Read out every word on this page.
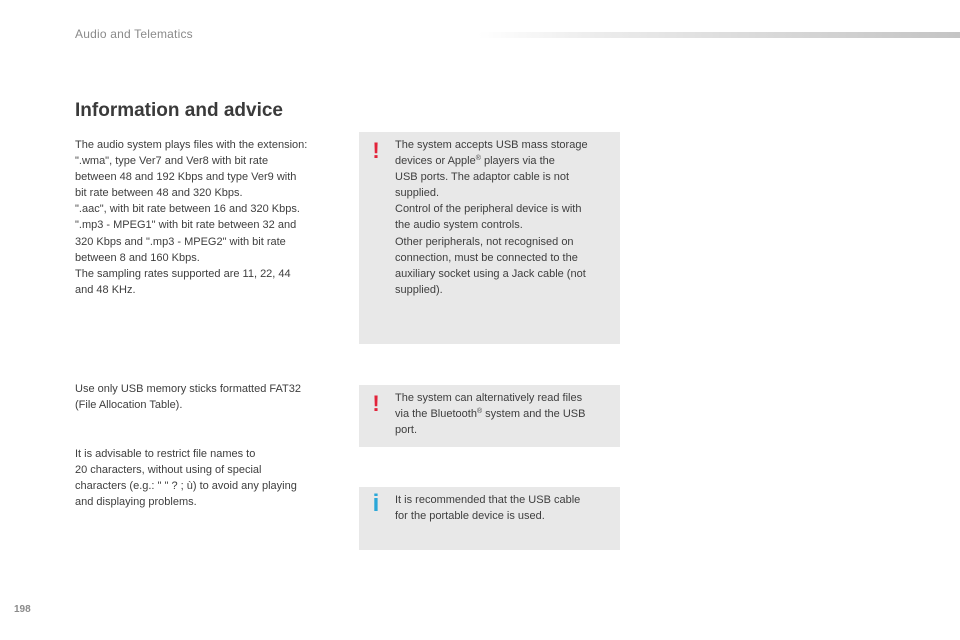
Audio and Telematics
Information and advice

The audio system plays files with the extension:
".wma", type Ver7 and Ver8 with bit rate
between 48 and 192 Kbps and type Ver9 with
bit rate between 48 and 320 Kbps.
".aac", with bit rate between 16 and 320 Kbps.
".mp3 - MPEG1" with bit rate between 32 and
320 Kbps and ".mp3 - MPEG2" with bit rate
between 8 and 160 Kbps.
The sampling rates supported are 11, 22, 44
and 48 KHz.

Use only USB memory sticks formatted FAT32
(File Allocation Table).

It is advisable to restrict file names to
20 characters, without using of special
characters (e.g.: " " ? ; ù) to avoid any playing
and displaying problems.

! The system accepts USB mass storage
devices or Apple® players via the
USB ports. The adaptor cable is not
supplied.
Control of the peripheral device is with
the audio system controls.
Other peripherals, not recognised on
connection, must be connected to the
auxiliary socket using a Jack cable (not
supplied).

! The system can alternatively read files
via the Bluetooth® system and the USB
port.

i It is recommended that the USB cable
for the portable device is used.

198
